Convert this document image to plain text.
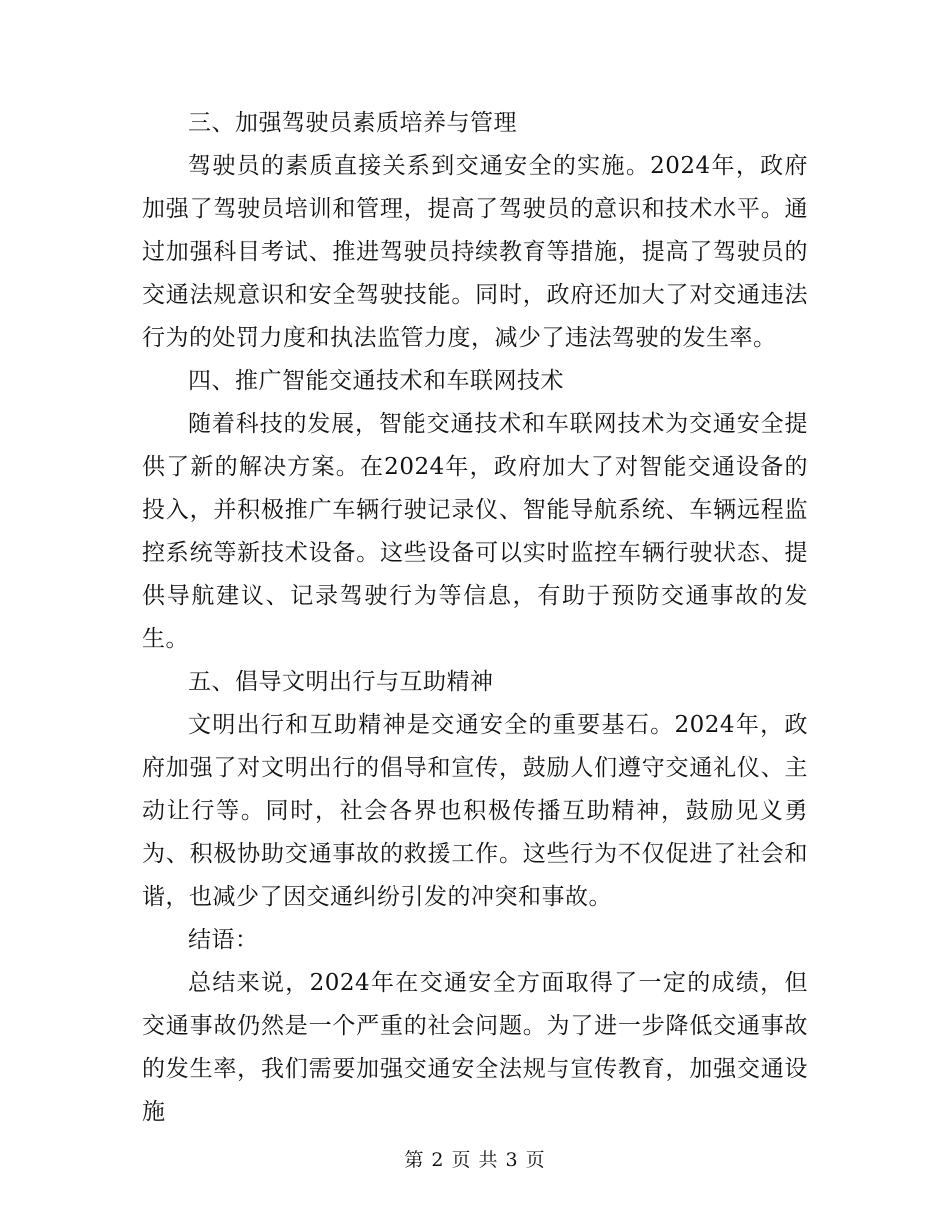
三、加强驾驶员素质培养与管理

驾驶员的素质直接关系到交通安全的实施。2024年，政府加强了驾驶员培训和管理，提高了驾驶员的意识和技术水平。通过加强科目考试、推进驾驶员持续教育等措施，提高了驾驶员的交通法规意识和安全驾驶技能。同时，政府还加大了对交通违法行为的处罚力度和执法监管力度，减少了违法驾驶的发生率。

四、推广智能交通技术和车联网技术

随着科技的发展，智能交通技术和车联网技术为交通安全提供了新的解决方案。在2024年，政府加大了对智能交通设备的投入，并积极推广车辆行驶记录仪、智能导航系统、车辆远程监控系统等新技术设备。这些设备可以实时监控车辆行驶状态、提供导航建议、记录驾驶行为等信息，有助于预防交通事故的发生。

五、倡导文明出行与互助精神

文明出行和互助精神是交通安全的重要基石。2024年，政府加强了对文明出行的倡导和宣传，鼓励人们遵守交通礼仪、主动让行等。同时，社会各界也积极传播互助精神，鼓励见义勇为、积极协助交通事故的救援工作。这些行为不仅促进了社会和谐，也减少了因交通纠纷引发的冲突和事故。

结语：

总结来说，2024年在交通安全方面取得了一定的成绩，但交通事故仍然是一个严重的社会问题。为了进一步降低交通事故的发生率，我们需要加强交通安全法规与宣传教育，加强交通设施

第 2 页 共 3 页
